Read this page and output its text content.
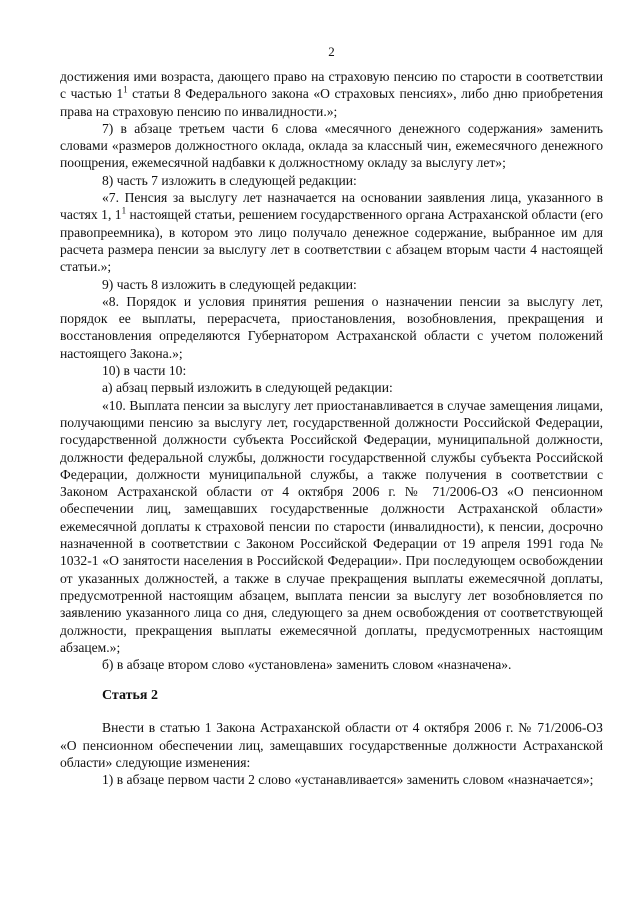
2

достижения ими возраста, дающего право на страховую пенсию по старости в соответствии с частью $1^1$ статьи 8 Федерального закона «О страховых пенсиях», либо дню приобретения права на страховую пенсию по инвалидности.»;

7) в абзаце третьем части 6 слова «месячного денежного содержания» заменить словами «размеров должностного оклада, оклада за классный чин, ежемесячного денежного поощрения, ежемесячной надбавки к должностному окладу за выслугу лет»;

8) часть 7 изложить в следующей редакции:

«7. Пенсия за выслугу лет назначается на основании заявления лица, указанного в частях 1, $1^1$ настоящей статьи, решением государственного органа Астраханской области (его правопреемника), в котором это лицо получало денежное содержание, выбранное им для расчета размера пенсии за выслугу лет в соответствии с абзацем вторым части 4 настоящей статьи.»;

9) часть 8 изложить в следующей редакции:

«8. Порядок и условия принятия решения о назначении пенсии за выслугу лет, порядок ее выплаты, перерасчета, приостановления, возобновления, прекращения и восстановления определяются Губернатором Астраханской области с учетом положений настоящего Закона.»;

10) в части 10:

а) абзац первый изложить в следующей редакции:

«10. Выплата пенсии за выслугу лет приостанавливается в случае замещения лицами, получающими пенсию за выслугу лет, государственной должности Российской Федерации, государственной должности субъекта Российской Федерации, муниципальной должности, должности федеральной службы, должности государственной службы субъекта Российской Федерации, должности муниципальной службы, а также получения в соответствии с Законом Астраханской области от 4 октября 2006 г. № 71/2006-ОЗ «О пенсионном обеспечении лиц, замещавших государственные должности Астраханской области» ежемесячной доплаты к страховой пенсии по старости (инвалидности), к пенсии, досрочно назначенной в соответствии с Законом Российской Федерации от 19 апреля 1991 года № 1032-1 «О занятости населения в Российской Федерации». При последующем освобождении от указанных должностей, а также в случае прекращения выплаты ежемесячной доплаты, предусмотренной настоящим абзацем, выплата пенсии за выслугу лет возобновляется по заявлению указанного лица со дня, следующего за днем освобождения от соответствующей должности, прекращения выплаты ежемесячной доплаты, предусмотренных настоящим абзацем.»;

б) в абзаце втором слово «установлена» заменить словом «назначена».

Статья 2

Внести в статью 1 Закона Астраханской области от 4 октября 2006 г. № 71/2006-ОЗ «О пенсионном обеспечении лиц, замещавших государственные должности Астраханской области» следующие изменения:

1) в абзаце первом части 2 слово «устанавливается» заменить словом «назначается»;
